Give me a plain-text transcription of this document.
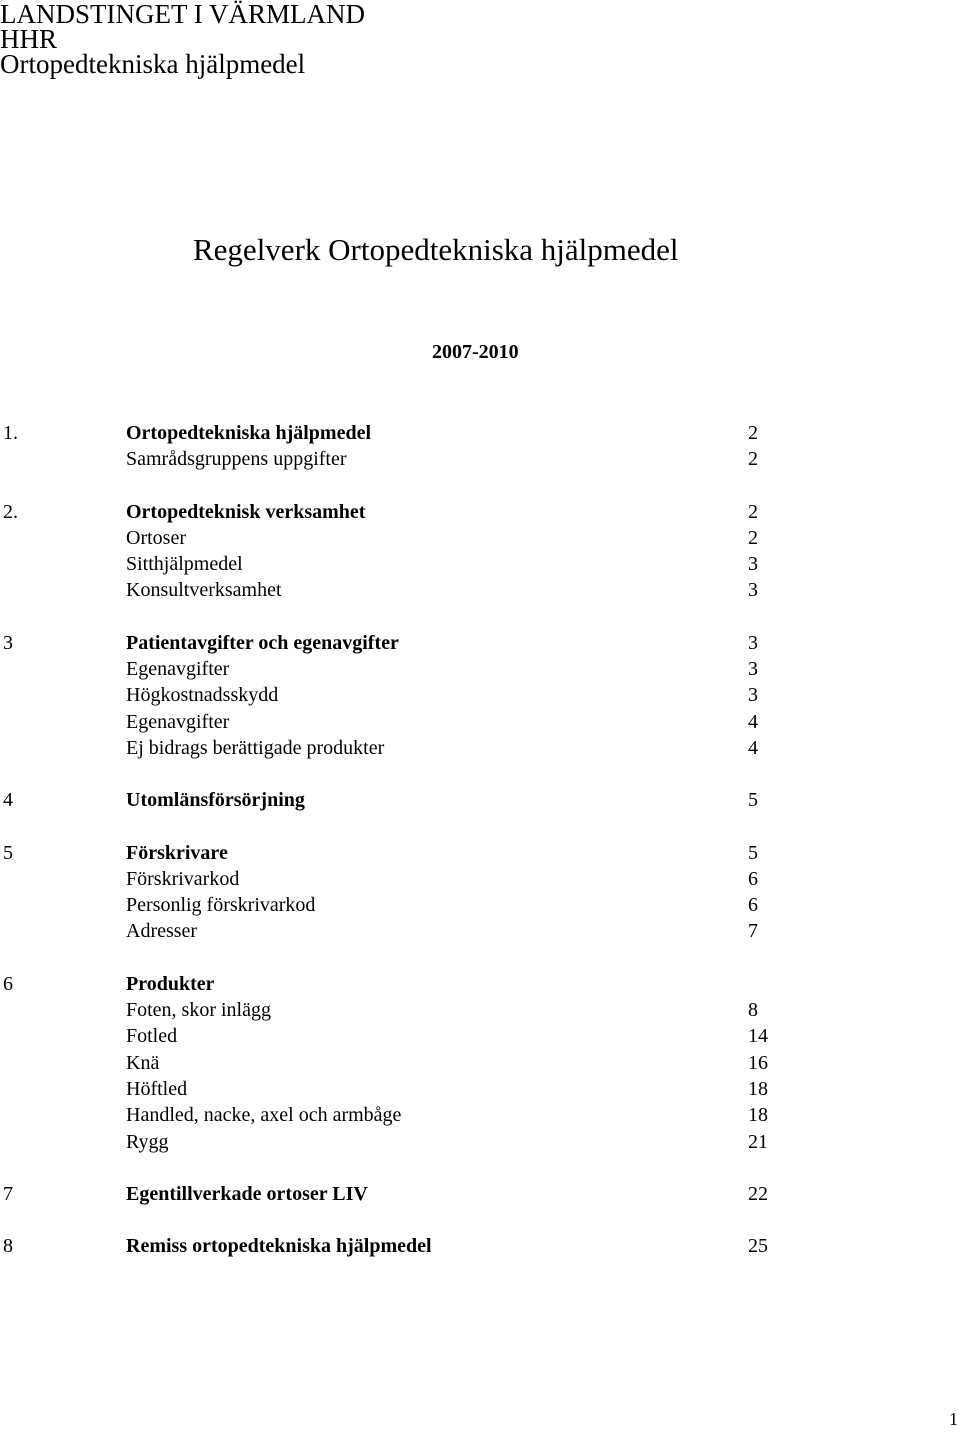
LANDSTINGET I VÄRMLAND
HHR
Ortopedtekniska hjälpmedel
Regelverk Ortopedtekniska hjälpmedel
2007-2010
1.	Ortopedtekniska hjälpmedel	2
Samrådsgruppens uppgifter	2
2.	Ortopedteknisk verksamhet	2
Ortoser	2
Sitthjälpmedel	3
Konsultverksamhet	3
3	Patientavgifter och egenavgifter	3
Egenavgifter	3
Högkostnadsskydd	3
Egenavgifter	4
Ej bidrags berättigade produkter	4
4	Utomlänsförsörjning	5
5	Förskrivare	5
Förskrivarkod	6
Personlig förskrivarkod	6
Adresser	7
6	Produkter
Foten, skor inlägg	8
Fotled	14
Knä	16
Höftled	18
Handled, nacke, axel och armbåge	18
Rygg	21
7	Egentillverkade ortoser LIV	22
8	Remiss ortopedtekniska hjälpmedel	25
1
